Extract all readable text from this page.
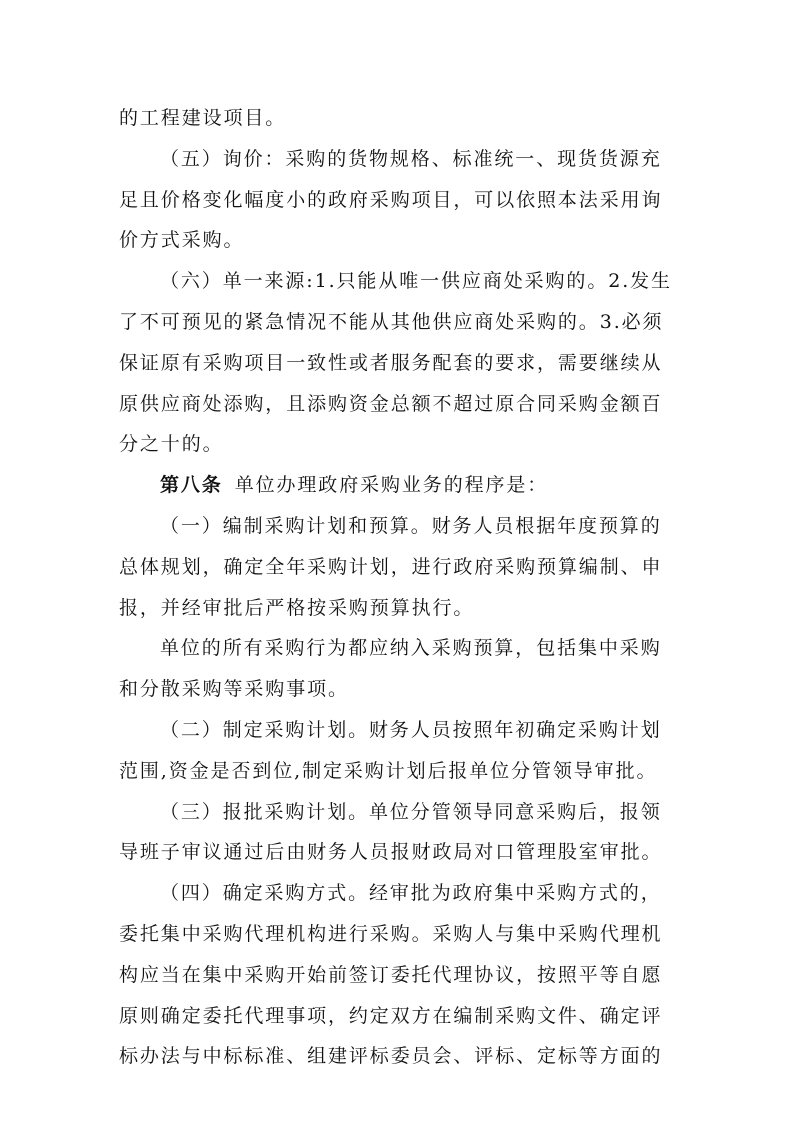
的工程建设项目。
（五）询价：采购的货物规格、标准统一、现货货源充
足且价格变化幅度小的政府采购项目，可以依照本法采用询
价方式采购。
（六）单一来源:1.只能从唯一供应商处采购的。2.发生
了不可预见的紧急情况不能从其他供应商处采购的。3.必须
保证原有采购项目一致性或者服务配套的要求，需要继续从
原供应商处添购，且添购资金总额不超过原合同采购金额百
分之十的。
第八条 单位办理政府采购业务的程序是：
（一）编制采购计划和预算。财务人员根据年度预算的
总体规划，确定全年采购计划，进行政府采购预算编制、申
报，并经审批后严格按采购预算执行。
单位的所有采购行为都应纳入采购预算，包括集中采购
和分散采购等采购事项。
（二）制定采购计划。财务人员按照年初确定采购计划
范围,资金是否到位,制定采购计划后报单位分管领导审批。
（三）报批采购计划。单位分管领导同意采购后，报领
导班子审议通过后由财务人员报财政局对口管理股室审批。
（四）确定采购方式。经审批为政府集中采购方式的，
委托集中采购代理机构进行采购。采购人与集中采购代理机
构应当在集中采购开始前签订委托代理协议，按照平等自愿
原则确定委托代理事项，约定双方在编制采购文件、确定评
标办法与中标标准、组建评标委员会、评标、定标等方面的
